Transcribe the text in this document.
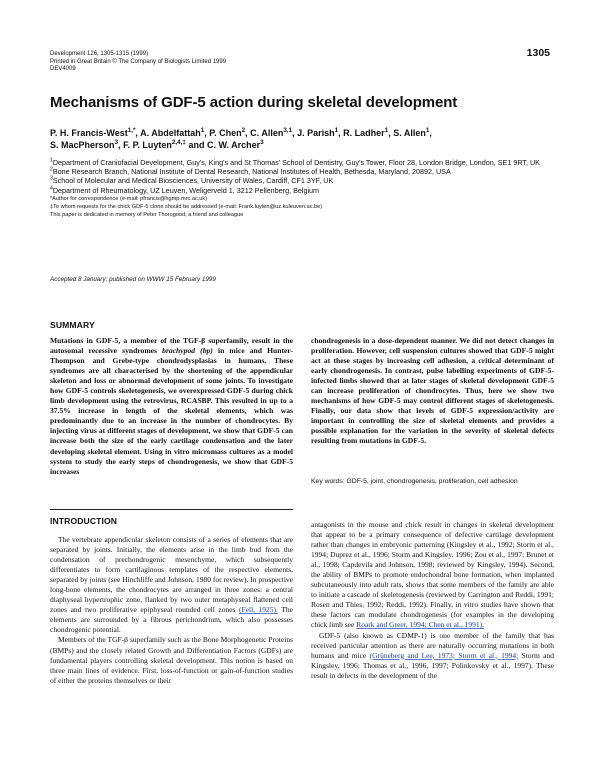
Development 126, 1305-1315 (1999)
Printed in Great Britain © The Company of Biologists Limited 1999
DEV4009
1305
Mechanisms of GDF-5 action during skeletal development
P. H. Francis-West$^{1,*}$, A. Abdelfattah$^1$, P. Chen$^2$, C. Allen$^{3,1}$, J. Parish$^1$, R. Ladher$^1$, S. Allen$^1$,
S. MacPherson$^3$, F. P. Luyten$^{2,4,\ddagger}$ and C. W. Archer$^3$
$^1$Department of Craniofacial Development, Guy's, King's and St Thomas' School of Dentistry, Guy's Tower, Floor 28, London Bridge, London, SE1 9RT, UK
$^2$Bone Research Branch, National Institute of Dental Research, National Institutes of Health, Bethesda, Maryland, 20892, USA
$^3$School of Molecular and Medical Biosciences, University of Wales, Cardiff, CF1 3YF, UK
$^4$Department of Rheumatology, UZ Leuven, Weligerveld 1, 3212 Pellenberg, Belgium
*Author for correspondence (e-mail: pfrancis@hgmp.mrc.ac.uk)
‡To whom requests for the chick GDF-5 clone should be addressed (e-mail: Frank.luyten@uz.kuleuven.ac.be)
This paper is dedicated in memory of Peter Thorogood, a friend and colleague
Accepted 8 January; published on WWW 15 February 1999
SUMMARY
Mutations in GDF-5, a member of the TGF-β superfamily, result in the autosomal recessive syndromes brachypod (bp) in mice and Hunter-Thompson and Grebe-type chondrodysplasias in humans. These syndromes are all characterised by the shortening of the appendicular skeleton and loss or abnormal development of some joints. To investigate how GDF-5 controls skeletogenesis, we overexpressed GDF-5 during chick limb development using the retrovirus, RCASBP. This resulted in up to a 37.5% increase in length of the skeletal elements, which was predominantly due to an increase in the number of chondrocytes. By injecting virus at different stages of development, we show that GDF-5 can increase both the size of the early cartilage condensation and the later developing skeletal element. Using in vitro micromass cultures as a model system to study the early steps of chondrogenesis, we show that GDF-5 increases
chondrogenesis in a dose-dependent manner. We did not detect changes in proliferation. However, cell suspension cultures showed that GDF-5 might act at these stages by increasing cell adhesion, a critical determinant of early chondrogenesis. In contrast, pulse labelling experiments of GDF-5-infected limbs showed that at later stages of skeletal development GDF-5 can increase proliferation of chondrocytes. Thus, here we show two mechanisms of how GDF-5 may control different stages of skeletogenesis. Finally, our data show that levels of GDF-5 expression/activity are important in controlling the size of skeletal elements and provides a possible explanation for the variation in the severity of skeletal defects resulting from mutations in GDF-5.
Key words: GDF-5, joint, chondrogenesis, proliferation, cell adhesion
INTRODUCTION

The vertebrate appendicular skeleton consists of a series of elements that are separated by joints. Initially, the elements arise in the limb bud from the condensation of prechondrogenic mesenchyme, which subsequently differentiates to form cartilaginous templates of the respective elements, separated by joints (see Hinchliffe and Johnson, 1980 for review). In prospective long-bone elements, the chondrocytes are arranged in three zones: a central diaphyseal hypertrophic zone, flanked by two outer metaphyseal flattened cell zones and two proliferative epiphyseal rounded cell zones (Fell, 1925). The elements are surrounded by a fibrous perichondrium, which also possesses chondrogenic potential.

Members of the TGF-β superfamily such as the Bone Morphogenetic Proteins (BMPs) and the closely related Growth and Differentiation Factors (GDFs) are fundamental players controlling skeletal development. This notion is based on three main lines of evidence. First, loss-of-function or gain-of-function studies of either the proteins themselves or their

antagonists in the mouse and chick result in changes in skeletal development that appear to be a primary consequence of defective cartilage development rather than changes in embryonic patterning (Kingsley et al., 1992; Storm et al., 1994; Duprez et al., 1996; Storm and Kingsley, 1996; Zou et al., 1997; Brunet et al., 1998; Capdevila and Johnson, 1998; reviewed by Kingsley, 1994). Second, the ability of BMPs to promote endochondral bone formation, when implanted subcutaneously into adult rats, shows that some members of the family are able to initiate a cascade of skeletogenesis (reviewed by Carrington and Reddi, 1991; Rosen and Thies, 1992; Reddi, 1992). Finally, in vitro studies have shown that these factors can modulate chondrogenesis (for examples in the developing chick limb see Roark and Greer, 1994; Chen et al., 1991).

GDF-5 (also known as CDMP-1) is one member of the family that has received particular attention as there are naturally occurring mutations in both humans and mice (Grüneberg and Lee, 1973; Storm et al., 1994; Storm and Kingsley, 1996; Thomas et al., 1996, 1997; Polinkovsky et al., 1997). These result in defects in the development of the
